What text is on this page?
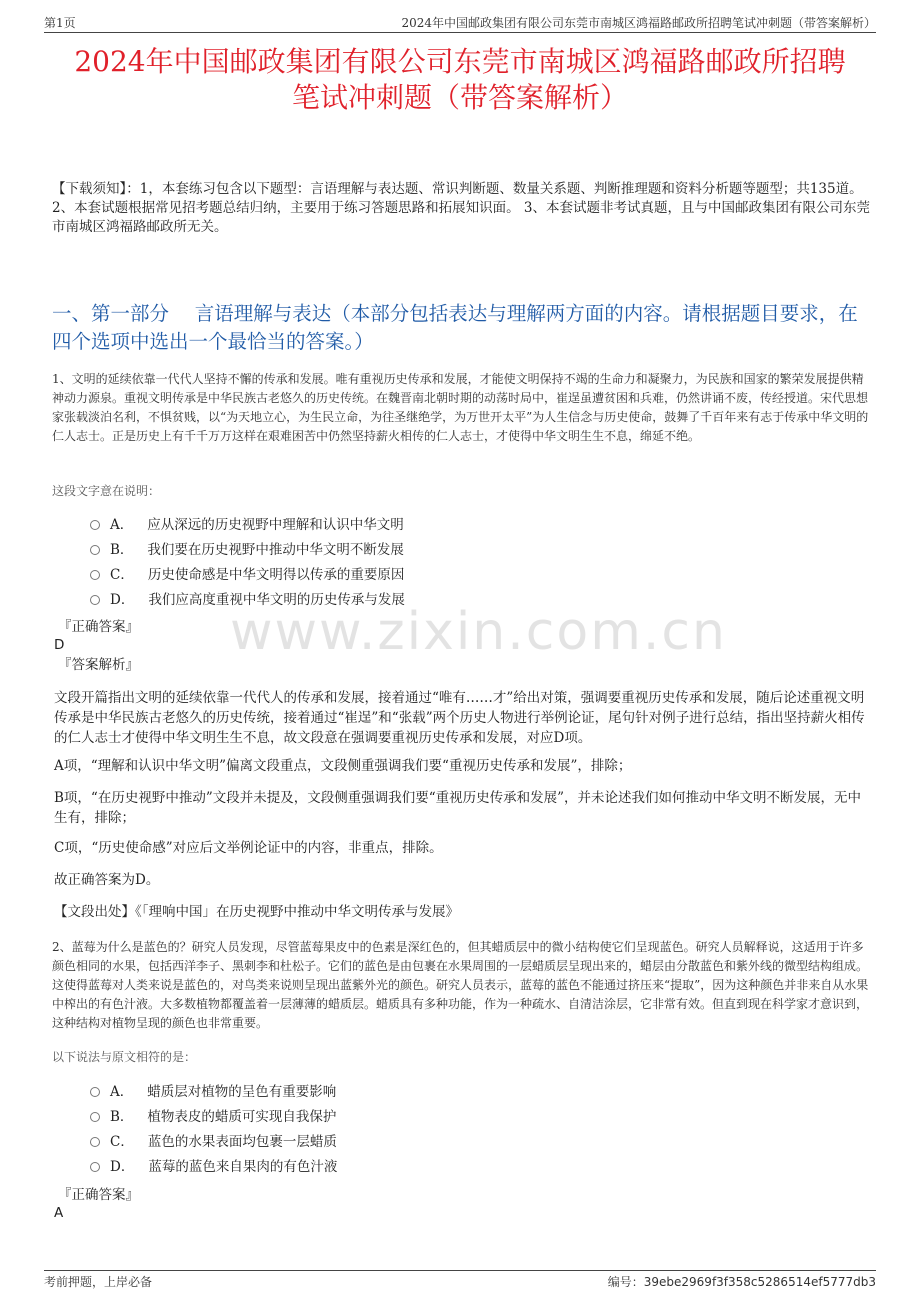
第1页	2024年中国邮政集团有限公司东莞市南城区鸿福路邮政所招聘笔试冲刺题（带答案解析）
2024年中国邮政集团有限公司东莞市南城区鸿福路邮政所招聘
笔试冲刺题（带答案解析）
【下载须知】：1，本套练习包含以下题型：言语理解与表达题、常识判断题、数量关系题、判断推理题和资料分析题等题型；共135道。 2、本套试题根据常见招考题总结归纳，主要用于练习答题思路和拓展知识面。 3、本套试题非考试真题，且与中国邮政集团有限公司东莞市南城区鸿福路邮政所无关。
一、第一部分　 言语理解与表达（本部分包括表达与理解两方面的内容。请根据题目要求，在四个选项中选出一个最恰当的答案。）
1、文明的延续依靠一代代人坚持不懈的传承和发展。唯有重视历史传承和发展，才能使文明保持不竭的生命力和凝聚力，为民族和国家的繁荣发展提供精神动力源泉。重视文明传承是中华民族古老悠久的历史传统。在魏晋南北朝时期的动荡时局中，崔逞虽遭贫困和兵难，仍然讲诵不废，传经授道。宋代思想家张载淡泊名利，不惧贫贱，以“为天地立心，为生民立命，为往圣继绝学，为万世开太平”为人生信念与历史使命，鼓舞了千百年来有志于传承中华文明的仁人志士。正是历史上有千千万万这样在艰难困苦中仍然坚持薪火相传的仁人志士，才使得中华文明生生不息，绵延不绝。
这段文字意在说明：
A． 应从深远的历史视野中理解和认识中华文明
B． 我们要在历史视野中推动中华文明不断发展
C． 历史使命感是中华文明得以传承的重要原因
D． 我们应高度重视中华文明的历史传承与发展
『正确答案』
D
『答案解析』
文段开篇指出文明的延续依靠一代代人的传承和发展，接着通过“唯有……才”给出对策，强调要重视历史传承和发展，随后论述重视文明传承是中华民族古老悠久的历史传统，接着通过“崔逞”和“张载”两个历史人物进行举例论证，尾句针对例子进行总结，指出坚持薪火相传的仁人志士才使得中华文明生生不息，故文段意在强调要重视历史传承和发展，对应D项。
A项，“理解和认识中华文明”偏离文段重点，文段侧重强调我们要“重视历史传承和发展”，排除；
B项，“在历史视野中推动”文段并未提及，文段侧重强调我们要“重视历史传承和发展”，并未论述我们如何推动中华文明不断发展，无中生有，排除；
C项，“历史使命感”对应后文举例论证中的内容，非重点，排除。
故正确答案为D。
【文段出处】《「理响中国」在历史视野中推动中华文明传承与发展》
2、蓝莓为什么是蓝色的？研究人员发现，尽管蓝莓果皮中的色素是深红色的，但其蜡质层中的微小结构使它们呈现蓝色。研究人员解释说，这适用于许多颜色相同的水果，包括西洋李子、黑刺李和杜松子。它们的蓝色是由包裹在水果周围的一层蜡质层呈现出来的，蜡层由分散蓝色和紫外线的微型结构组成。这使得蓝莓对人类来说是蓝色的，对鸟类来说则呈现出蓝紫外光的颜色。研究人员表示，蓝莓的蓝色不能通过挤压来“提取”，因为这种颜色并非来自从水果中榨出的有色汁液。大多数植物都覆盖着一层薄薄的蜡质层。蜡质具有多种功能，作为一种疏水、自清洁涂层，它非常有效。但直到现在科学家才意识到，这种结构对植物呈现的颜色也非常重要。
以下说法与原文相符的是：
A． 蜡质层对植物的呈色有重要影响
B． 植物表皮的蜡质可实现自我保护
C． 蓝色的水果表面均包裹一层蜡质
D． 蓝莓的蓝色来自果肉的有色汁液
『正确答案』
A
www.zixin.com.cn
考前押题，上岸必备	编号：39ebe2969f3f358c5286514ef5777db3
